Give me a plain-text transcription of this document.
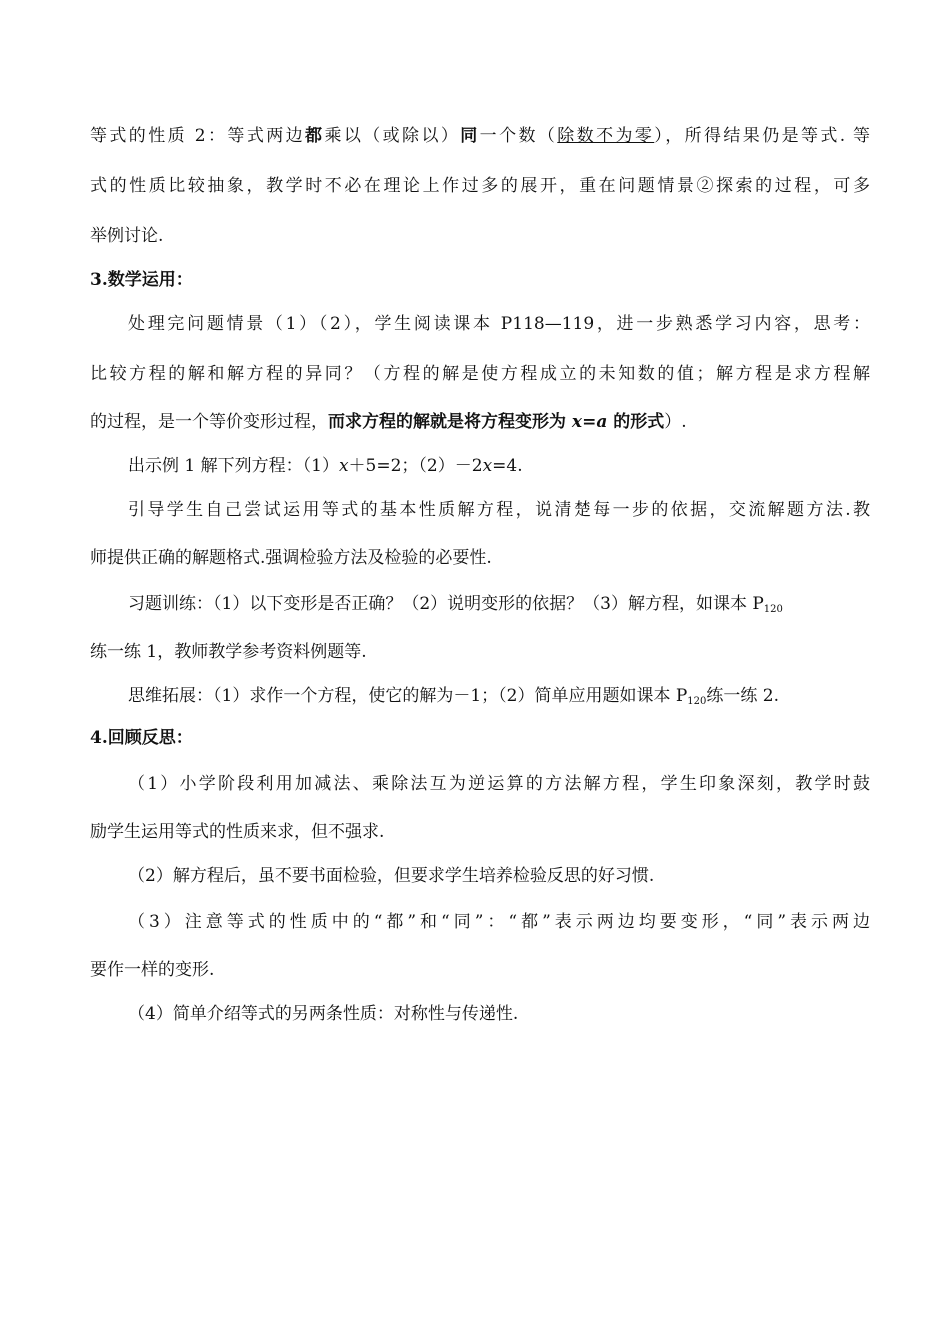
等式的性质 2：等式两边都乘以（或除以）同一个数（除数不为零），所得结果仍是等式. 等
式的性质比较抽象，教学时不必在理论上作过多的展开，重在问题情景②探索的过程，可多
举例讨论.
3.数学运用：
处理完问题情景（1）（2），学生阅读课本 P118—119，进一步熟悉学习内容，思考：
比较方程的解和解方程的异同？（方程的解是使方程成立的未知数的值；解方程是求方程解
的过程，是一个等价变形过程，而求方程的解就是将方程变形为 x=a 的形式）.
出示例 1 解下列方程：（1）x＋5=2；（2）－2x=4.
引导学生自己尝试运用等式的基本性质解方程，说清楚每一步的依据，交流解题方法.教
师提供正确的解题格式.强调检验方法及检验的必要性.
习题训练：（1）以下变形是否正确？（2）说明变形的依据？（3）解方程，如课本 $P_{120}$
练一练 1，教师教学参考资料例题等.
思维拓展：（1）求作一个方程，使它的解为－1；（2）简单应用题如课本 $P_{120}$练一练 2.
4.回顾反思：
（1）小学阶段利用加减法、乘除法互为逆运算的方法解方程，学生印象深刻，教学时鼓
励学生运用等式的性质来求，但不强求.
（2）解方程后，虽不要书面检验，但要求学生培养检验反思的好习惯.
（3）注意等式的性质中的“都”和“同”：“都”表示两边均要变形，“同”表示两边
要作一样的变形.
（4）简单介绍等式的另两条性质：对称性与传递性.
